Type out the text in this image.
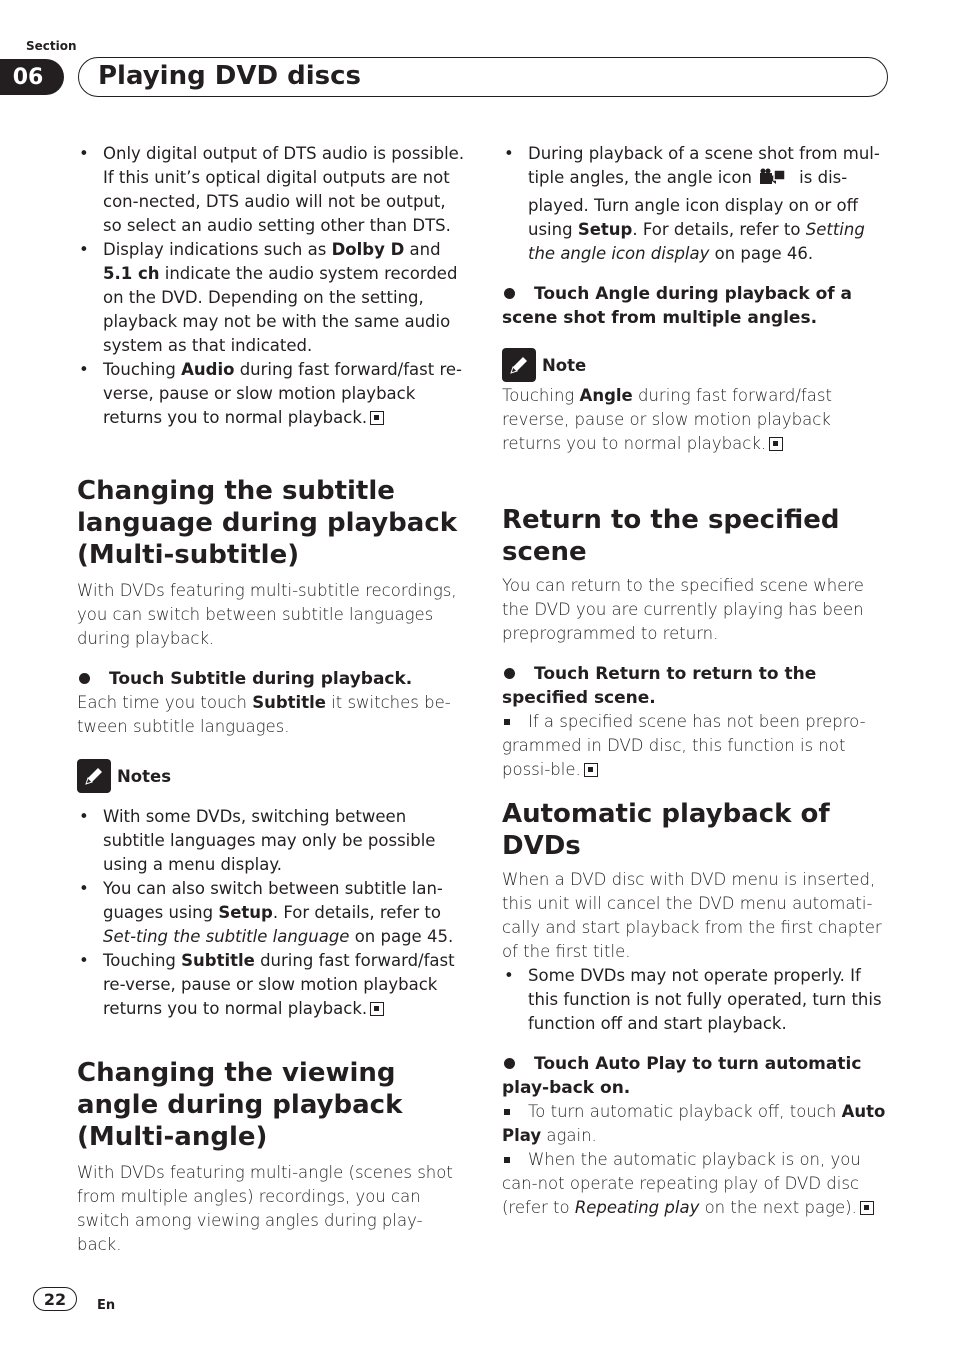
Section
06	Playing DVD discs
• Only digital output of DTS audio is possible. If this unit’s optical digital outputs are not con-nected, DTS audio will not be output, so select an audio setting other than DTS.
• Display indications such as Dolby D and 5.1 ch indicate the audio system recorded on the DVD. Depending on the setting, playback may not be with the same audio system as that indicated.
• Touching Audio during fast forward/fast re-verse, pause or slow motion playback returns you to normal playback.
Changing the subtitle language during playback (Multi-subtitle)

With DVDs featuring multi-subtitle recordings, you can switch between subtitle languages during playback.

Touch Subtitle during playback.

Each time you touch Subtitle it switches be-tween subtitle languages.

Notes
• With some DVDs, switching between subtitle languages may only be possible using a menu display.
• You can also switch between subtitle lan-guages using Setup. For details, refer to Set-ting the subtitle language on page 45.
• Touching Subtitle during fast forward/fast re-verse, pause or slow motion playback returns you to normal playback.
Changing the viewing angle during playback (Multi-angle)

With DVDs featuring multi-angle (scenes shot from multiple angles) recordings, you can switch among viewing angles during play-back.

• During playback of a scene shot from mul-tiple angles, the angle icon	is dis-played. Turn angle icon display on or off using Setup. For details, refer to Setting the angle icon display on page 46.
Touch Angle during playback of a scene shot from multiple angles.
Note

Touching Angle during fast forward/fast reverse, pause or slow motion playback returns you to normal playback.

Return to the specified scene

You can return to the specified scene where the DVD you are currently playing has been preprogrammed to return.

Touch Return to return to the specified scene.

If a specified scene has not been prepro-grammed in DVD disc, this function is not possi-ble.

Automatic playback of DVDs

When a DVD disc with DVD menu is inserted, this unit will cancel the DVD menu automati-cally and start playback from the first chapter of the first title.

• Some DVDs may not operate properly. If this function is not fully operated, turn this function off and start playback.
Touch Auto Play to turn automatic play-back on.

To turn automatic playback off, touch Auto Play again.

When the automatic playback is on, you can-not operate repeating play of DVD disc (refer to Repeating play on the next page).

22	En
